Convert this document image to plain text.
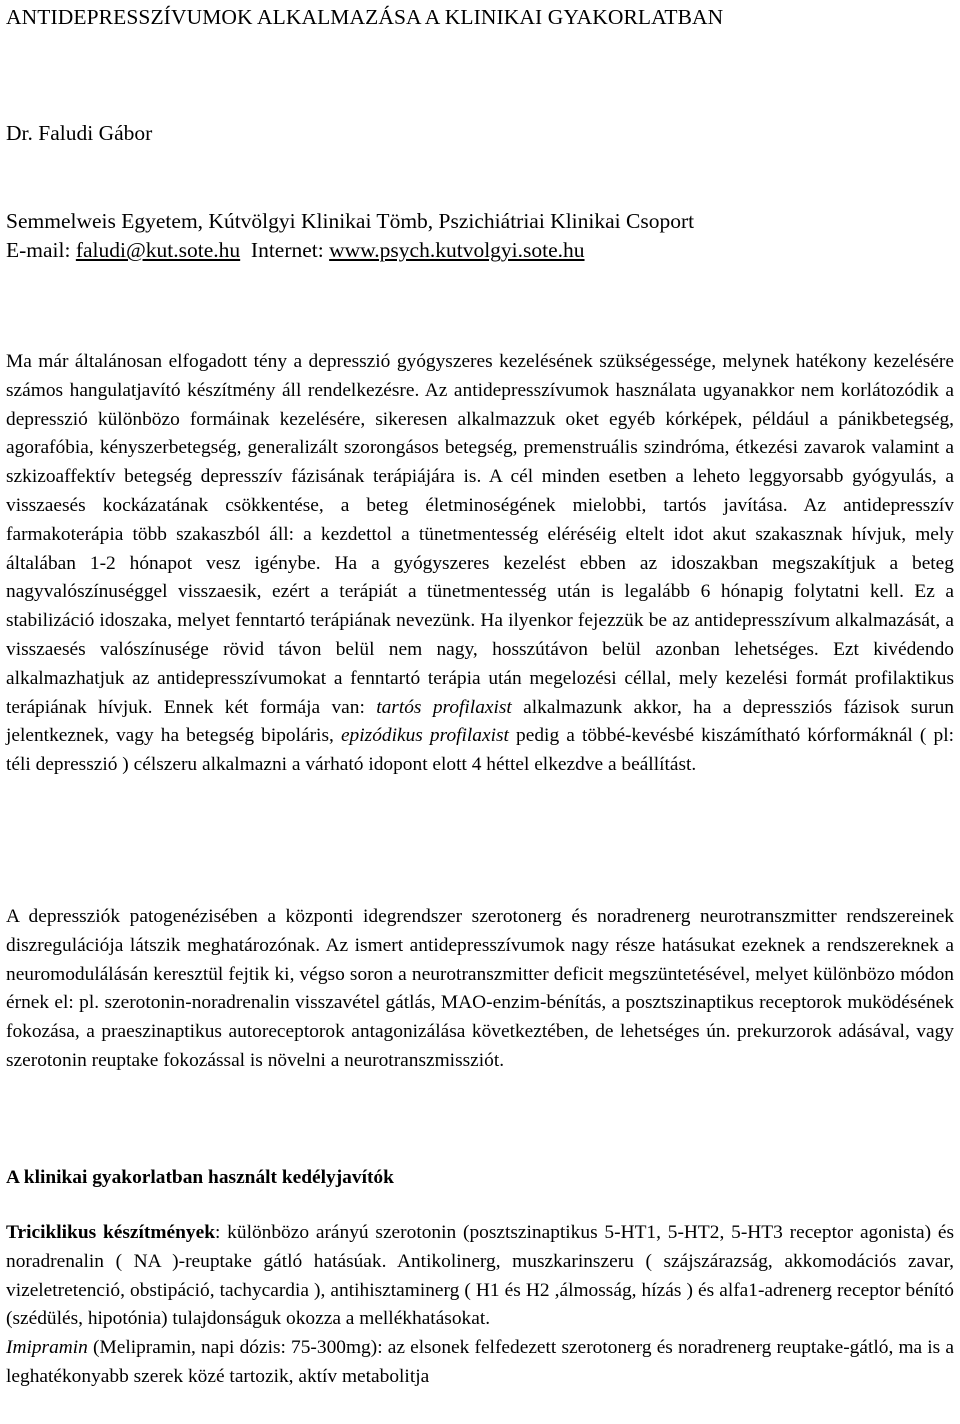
ANTIDEPRESSZÍVUMOK ALKALMAZÁSA A KLINIKAI GYAKORLATBAN

Dr. Faludi Gábor

Semmelweis Egyetem, Kútvölgyi Klinikai Tömb, Pszichiátriai Klinikai Csoport
E-mail: faludi@kut.sote.hu Internet: www.psych.kutvolgyi.sote.hu

Ma már általánosan elfogadott tény a depresszió gyógyszeres kezelésének szükségessége, melynek hatékony kezelésére számos hangulatjavító készítmény áll rendelkezésre. Az antidepresszívumok használata ugyanakkor nem korlátozódik a depresszió különbözo formáinak kezelésére, sikeresen alkalmazzuk oket egyéb kórképek, például a pánikbetegség, agorafóbia, kényszerbetegség, generalizált szorongásos betegség, premenstruális szindróma, étkezési zavarok valamint a szkizoaffektív betegség depresszív fázisának terápiájára is. A cél minden esetben a leheto leggyorsabb gyógyulás, a visszaesés kockázatának csökkentése, a beteg életminoségének mielobbi, tartós javítása. Az antidepresszív farmakoterápia több szakaszból áll: a kezdettol a tünetmentesség eléréséig eltelt idot akut szakasznak hívjuk, mely általában 1-2 hónapot vesz igénybe. Ha a gyógyszeres kezelést ebben az idoszakban megszakítjuk a beteg nagyvalószínuséggel visszaesik, ezért a terápiát a tünetmentesség után is legalább 6 hónapig folytatni kell. Ez a stabilizáció idoszaka, melyet fenntartó terápiának nevezünk. Ha ilyenkor fejezzük be az antidepresszívum alkalmazását, a visszaesés valószínusége rövid távon belül nem nagy, hosszútávon belül azonban lehetséges. Ezt kivédendo alkalmazhatjuk az antidepresszívumokat a fenntartó terápia után megelozési céllal, mely kezelési formát profilaktikus terápiának hívjuk. Ennek két formája van: tartós profilaxist alkalmazunk akkor, ha a depressziós fázisok surun jelentkeznek, vagy ha betegség bipoláris, epizódikus profilaxist pedig a többé-kevésbé kiszámítható kórformáknál ( pl: téli depresszió ) célszeru alkalmazni a várható idopont elott 4 héttel elkezdve a beállítást.

A depressziók patogenézisében a központi idegrendszer szerotonerg és noradrenerg neurotranszmitter rendszereinek diszregulációja látszik meghatározónak. Az ismert antidepresszívumok nagy része hatásukat ezeknek a rendszereknek a neuromodulálásán keresztül fejtik ki, végso soron a neurotranszmitter deficit megszüntetésével, melyet különbözo módon érnek el: pl. szerotonin-noradrenalin visszavétel gátlás, MAO-enzim-bénítás, a posztszinaptikus receptorok muködésének fokozása, a praeszinaptikus autoreceptorok antagonizálása következtében, de lehetséges ún. prekurzorok adásával, vagy szerotonin reuptake fokozással is növelni a neurotranszmissziót.

A klinikai gyakorlatban használt kedélyjavítók
Triciklikus készítmények: különbözo arányú szerotonin (posztszinaptikus 5-HT1, 5-HT2, 5-HT3 receptor agonista) és noradrenalin ( NA )-reuptake gátló hatásúak. Antikolinerg, muszkarinszeru ( szájszárazság, akkomodációs zavar, vizeletretenció, obstipáció, tachycardia ), antihisztaminerg ( H1 és H2 ,álmosság, hízás ) és alfa1-adrenerg receptor bénító (szédülés, hipotónia) tulajdonságuk okozza a mellékhatásokat.
Imipramin (Melipramin, napi dózis: 75-300mg): az elsonek felfedezett szerotonerg és noradrenerg reuptake-gátló, ma is a leghatékonyabb szerek közé tartozik, aktív metabolitja
